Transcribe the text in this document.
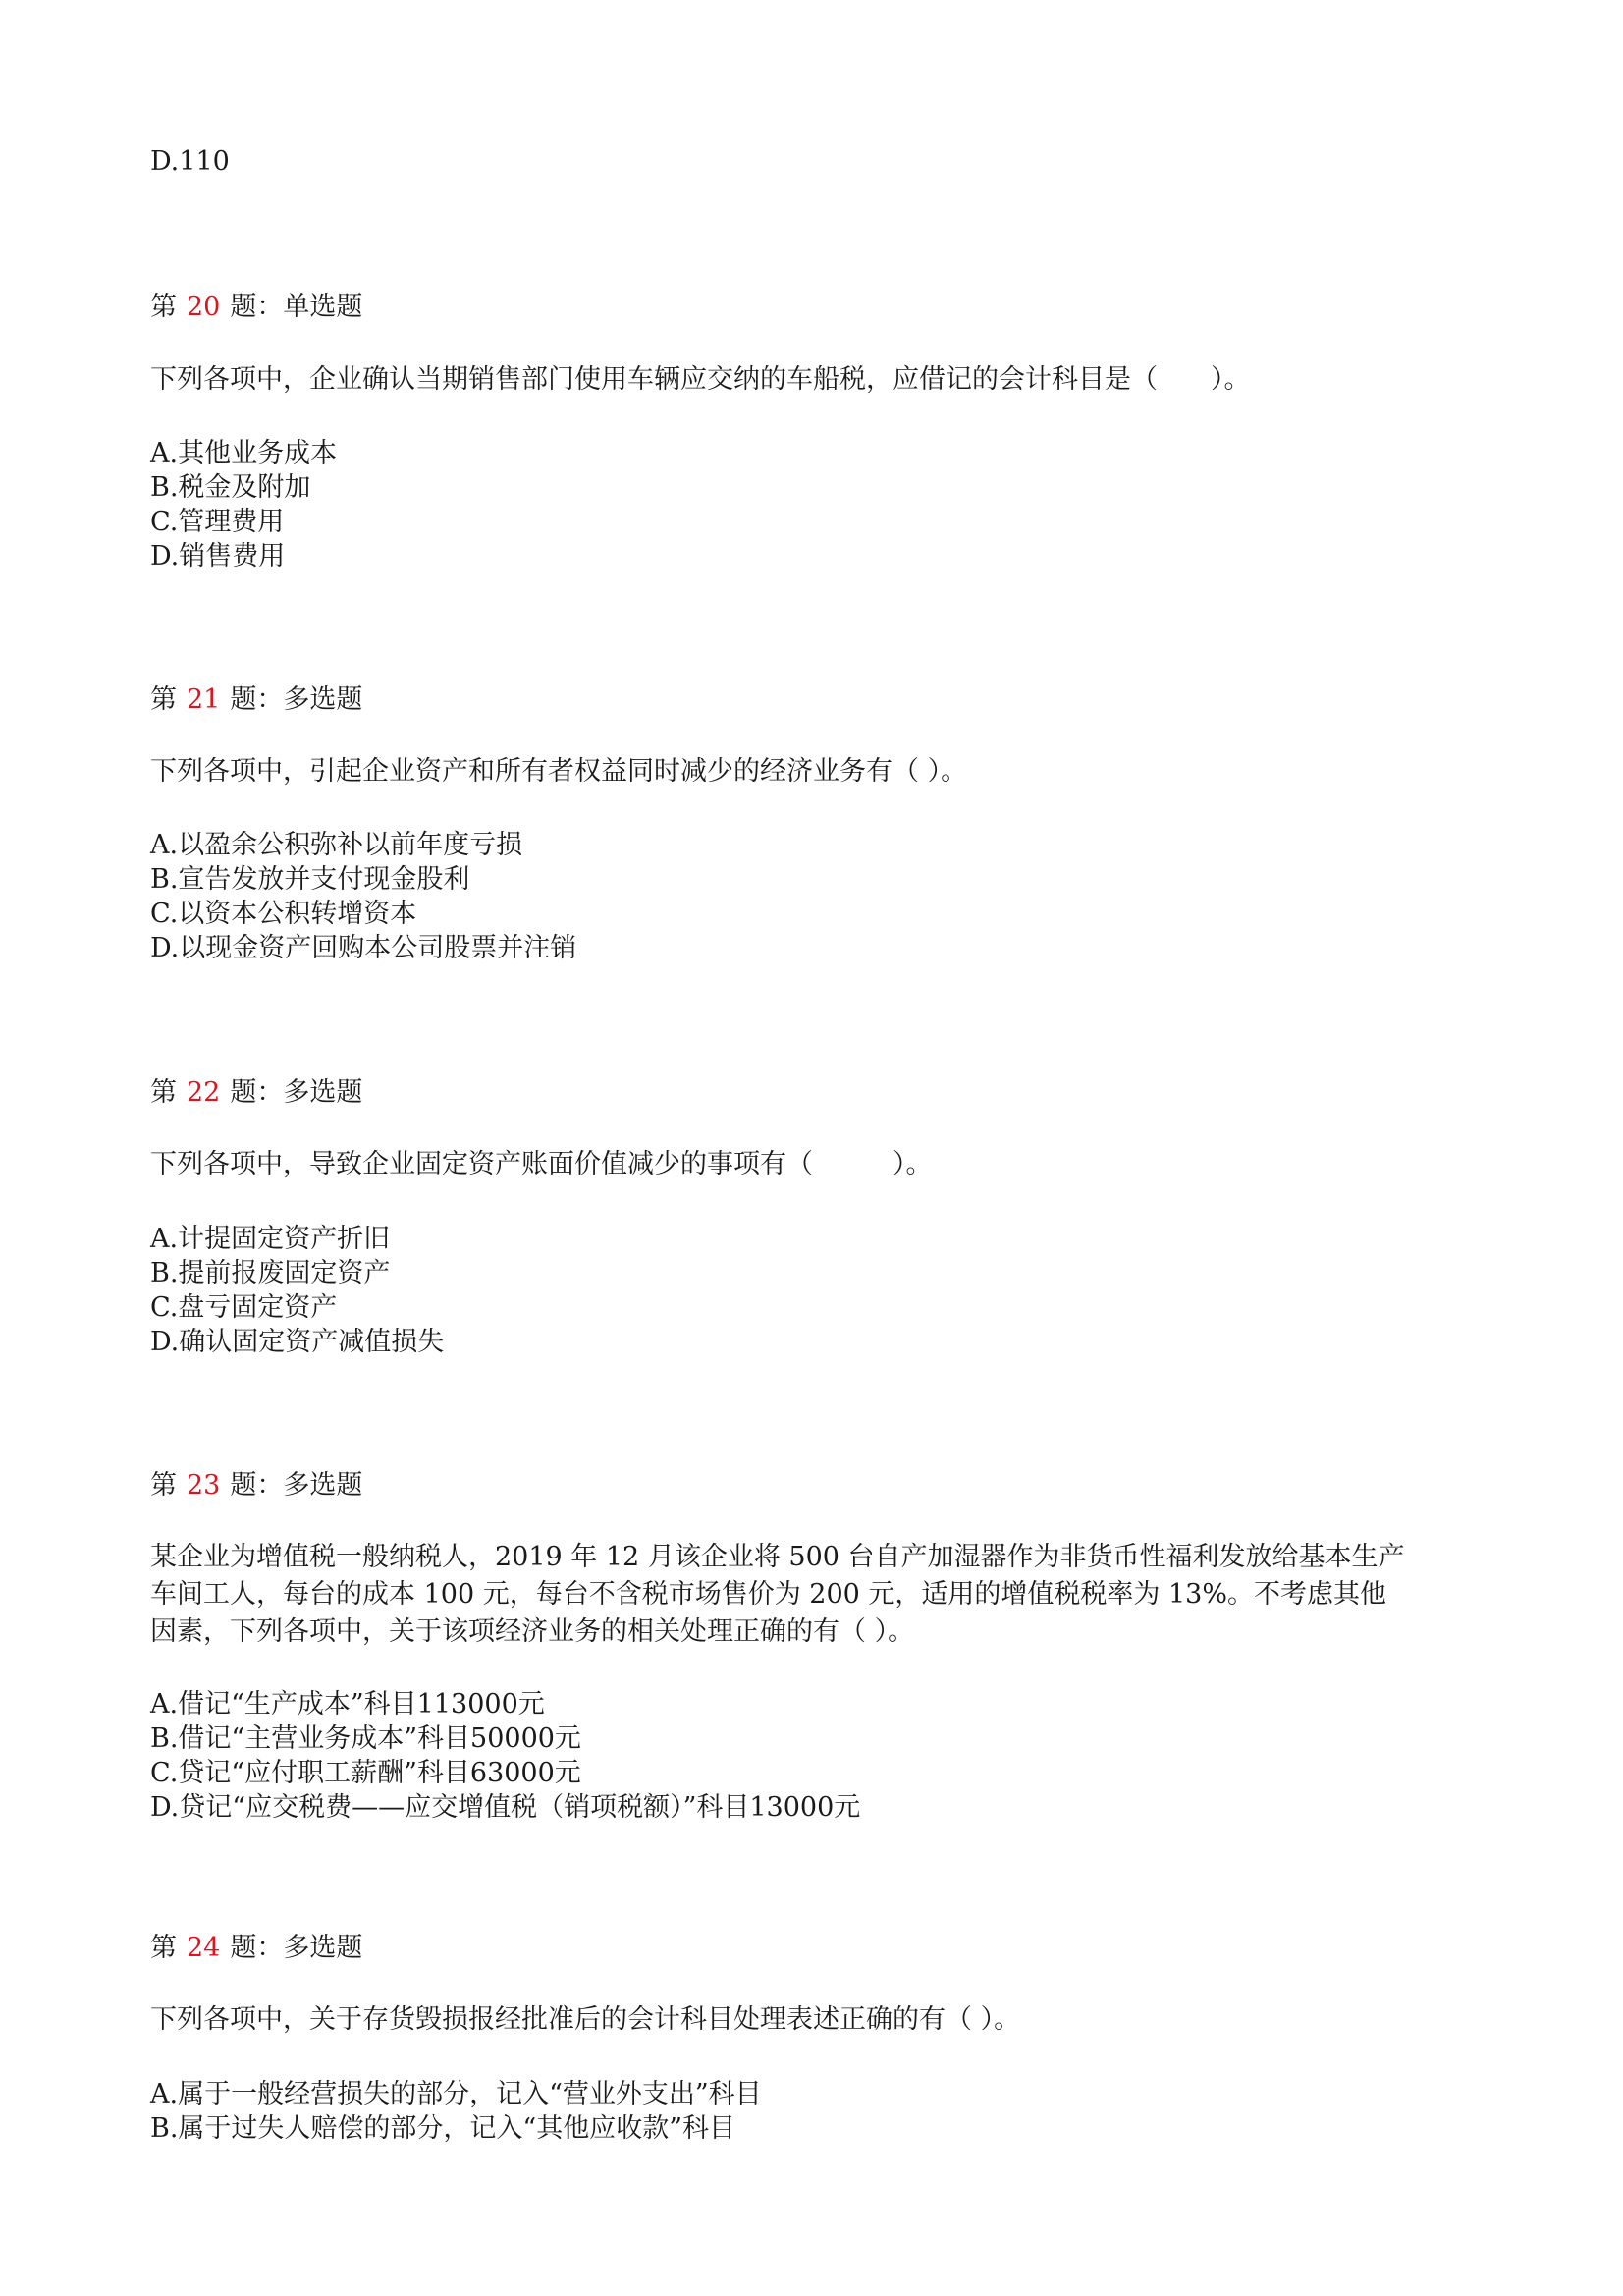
D.110
第 20 题：单选题
下列各项中，企业确认当期销售部门使用车辆应交纳的车船税，应借记的会计科目是（　　）。
A.其他业务成本
B.税金及附加
C.管理费用
D.销售费用
第 21 题：多选题
下列各项中，引起企业资产和所有者权益同时减少的经济业务有（ ）。
A.以盈余公积弥补以前年度亏损
B.宣告发放并支付现金股利
C.以资本公积转增资本
D.以现金资产回购本公司股票并注销
第 22 题：多选题
下列各项中，导致企业固定资产账面价值减少的事项有（　　　）。
A.计提固定资产折旧
B.提前报废固定资产
C.盘亏固定资产
D.确认固定资产减值损失
第 23 题：多选题
某企业为增值税一般纳税人，2019 年 12 月该企业将 500 台自产加湿器作为非货币性福利发放给基本生产
车间工人，每台的成本 100 元，每台不含税市场售价为 200 元，适用的增值税税率为 13%。不考虑其他
因素，下列各项中，关于该项经济业务的相关处理正确的有（ ）。
A.借记“生产成本”科目113000元
B.借记“主营业务成本”科目50000元
C.贷记“应付职工薪酬”科目63000元
D.贷记“应交税费——应交增值税（销项税额）”科目13000元
第 24 题：多选题
下列各项中，关于存货毁损报经批准后的会计科目处理表述正确的有（ ）。
A.属于一般经营损失的部分，记入“营业外支出”科目
B.属于过失人赔偿的部分，记入“其他应收款”科目
